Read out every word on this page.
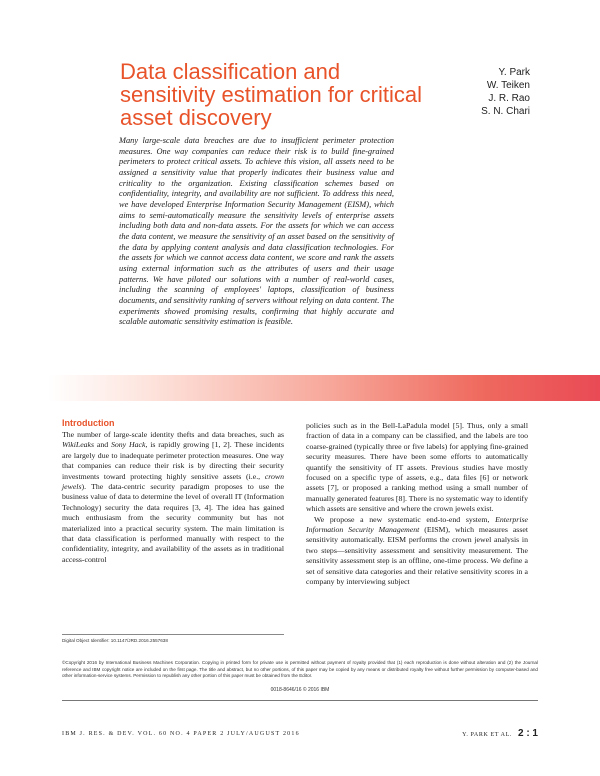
Data classification and sensitivity estimation for critical asset discovery
Y. Park
W. Teiken
J. R. Rao
S. N. Chari

Many large-scale data breaches are due to insufficient perimeter protection measures. One way companies can reduce their risk is to build fine-grained perimeters to protect critical assets. To achieve this vision, all assets need to be assigned a sensitivity value that properly indicates their business value and criticality to the organization. Existing classification schemes based on confidentiality, integrity, and availability are not sufficient. To address this need, we have developed Enterprise Information Security Management (EISM), which aims to semi-automatically measure the sensitivity levels of enterprise assets including both data and non-data assets. For the assets for which we can access the data content, we measure the sensitivity of an asset based on the sensitivity of the data by applying content analysis and data classification technologies. For the assets for which we cannot access data content, we score and rank the assets using external information such as the attributes of users and their usage patterns. We have piloted our solutions with a number of real-world cases, including the scanning of employees' laptops, classification of business documents, and sensitivity ranking of servers without relying on data content. The experiments showed promising results, confirming that highly accurate and scalable automatic sensitivity estimation is feasible.

Introduction

The number of large-scale identity thefts and data breaches, such as WikiLeaks and Sony Hack, is rapidly growing [1, 2]. These incidents are largely due to inadequate perimeter protection measures. One way that companies can reduce their risk is by directing their security investments toward protecting highly sensitive assets (i.e., crown jewels). The data-centric security paradigm proposes to use the business value of data to determine the level of overall IT (Information Technology) security the data requires [3, 4]. The idea has gained much enthusiasm from the security community but has not materialized into a practical security system. The main limitation is that data classification is performed manually with respect to the confidentiality, integrity, and availability of the assets as in traditional access-control

policies such as in the Bell-LaPadula model [5]. Thus, only a small fraction of data in a company can be classified, and the labels are too coarse-grained (typically three or five labels) for applying fine-grained security measures. There have been some efforts to automatically quantify the sensitivity of IT assets. Previous studies have mostly focused on a specific type of assets, e.g., data files [6] or network assets [7], or proposed a ranking method using a small number of manually generated features [8]. There is no systematic way to identify which assets are sensitive and where the crown jewels exist.

We propose a new systematic end-to-end system, Enterprise Information Security Management (EISM), which measures asset sensitivity automatically. EISM performs the crown jewel analysis in two steps—sensitivity assessment and sensitivity measurement. The sensitivity assessment step is an offline, one-time process. We define a set of sensitive data categories and their relative sensitivity scores in a company by interviewing subject

Digital Object Identifier: 10.1147/JRD.2016.2557638
©Copyright 2016 by International Business Machines Corporation. Copying in printed form for private use is permitted without payment of royalty provided that (1) each reproduction is done without alteration and (2) the Journal reference and IBM copyright notice are included on the first page. The title and abstract, but no other portions, of this paper may be copied by any means or distributed royalty free without further permission by computer-based and other information-service systems. Permission to republish any other portion of this paper must be obtained from the Editor.
0018-8646/16 © 2016 IBM
IBM J. RES. & DEV. VOL. 60 NO. 4 PAPER 2 JULY/AUGUST 2016	Y. PARK ET AL. 2 : 1
